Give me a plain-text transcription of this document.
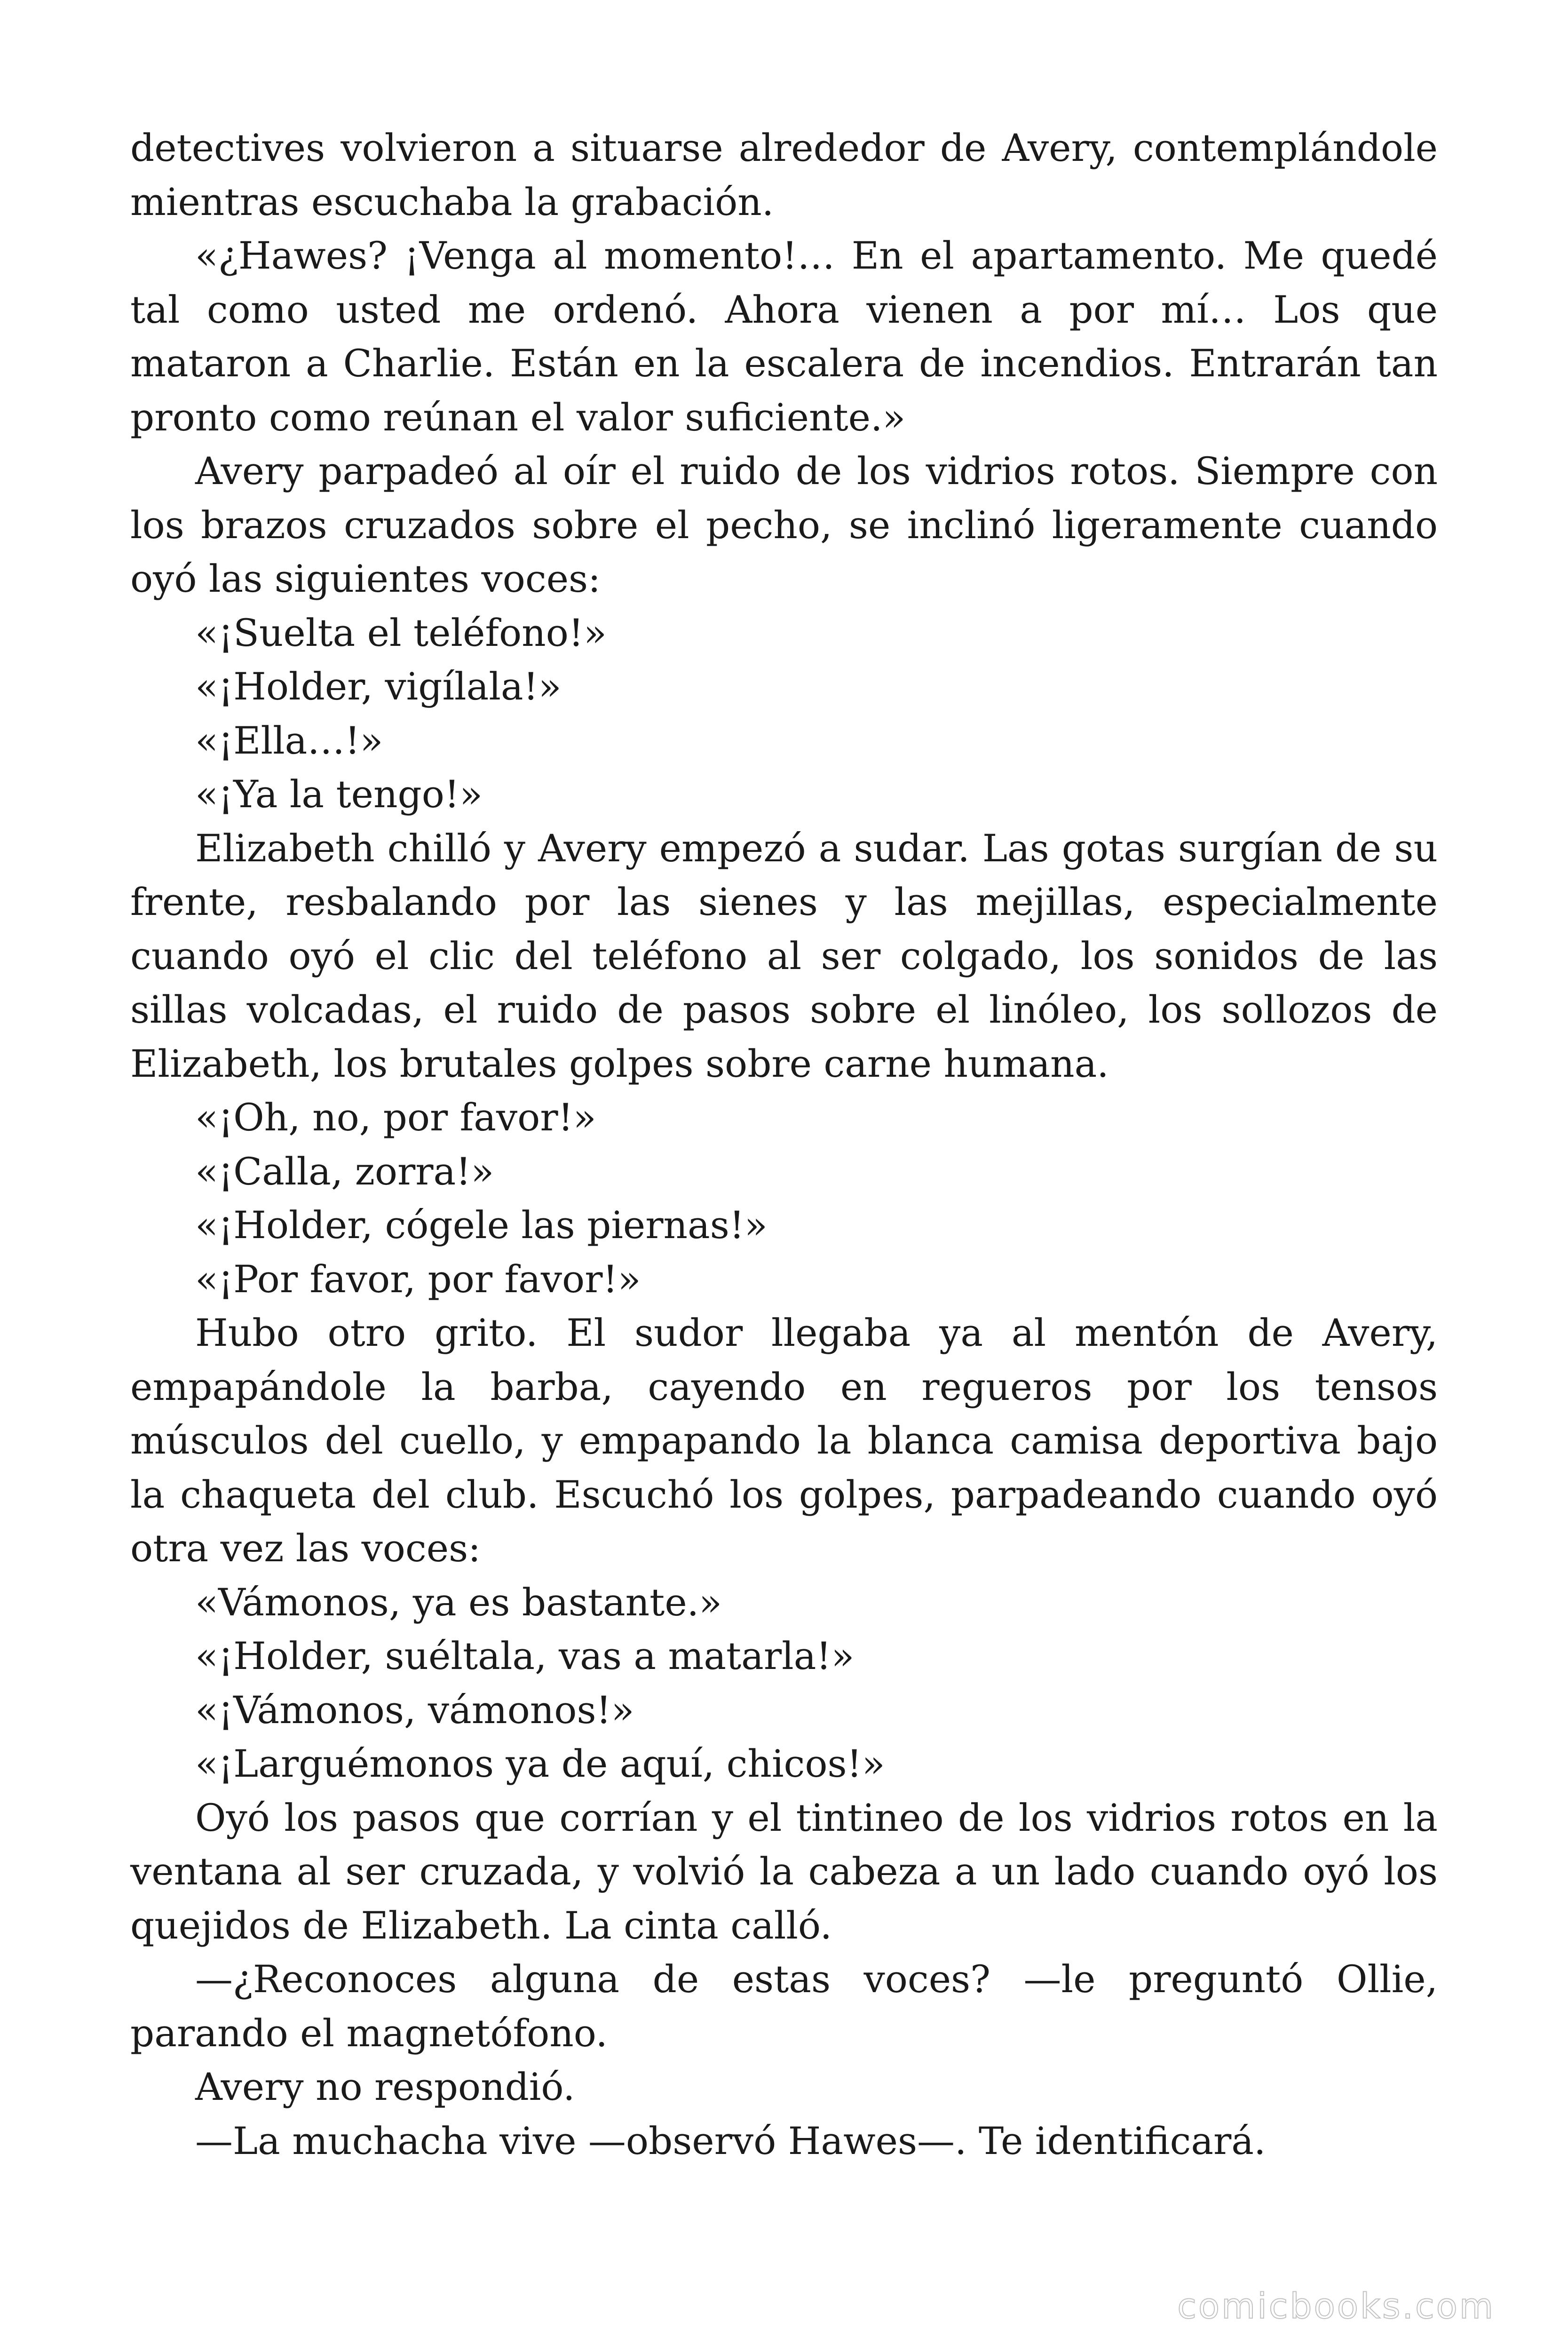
detectives volvieron a situarse alrededor de Avery, contemplándole mientras escuchaba la grabación.

«¿Hawes? ¡Venga al momento!… En el apartamento. Me quedé tal como usted me ordenó. Ahora vienen a por mí… Los que mataron a Charlie. Están en la escalera de incendios. Entrarán tan pronto como reúnan el valor suficiente.»

Avery parpadeó al oír el ruido de los vidrios rotos. Siempre con los brazos cruzados sobre el pecho, se inclinó ligeramente cuando oyó las siguientes voces:

«¡Suelta el teléfono!»

«¡Holder, vigílala!»

«¡Ella…!»

«¡Ya la tengo!»

Elizabeth chilló y Avery empezó a sudar. Las gotas surgían de su frente, resbalando por las sienes y las mejillas, especialmente cuando oyó el clic del teléfono al ser colgado, los sonidos de las sillas volcadas, el ruido de pasos sobre el linóleo, los sollozos de Elizabeth, los brutales golpes sobre carne humana.

«¡Oh, no, por favor!»

«¡Calla, zorra!»

«¡Holder, cógele las piernas!»

«¡Por favor, por favor!»

Hubo otro grito. El sudor llegaba ya al mentón de Avery, empapándole la barba, cayendo en regueros por los tensos músculos del cuello, y empapando la blanca camisa deportiva bajo la chaqueta del club. Escuchó los golpes, parpadeando cuando oyó otra vez las voces:

«Vámonos, ya es bastante.»

«¡Holder, suéltala, vas a matarla!»

«¡Vámonos, vámonos!»

«¡Larguémonos ya de aquí, chicos!»

Oyó los pasos que corrían y el tintineo de los vidrios rotos en la ventana al ser cruzada, y volvió la cabeza a un lado cuando oyó los quejidos de Elizabeth. La cinta calló.

—¿Reconoces alguna de estas voces? —le preguntó Ollie, parando el magnetófono.

Avery no respondió.

—La muchacha vive —observó Hawes—. Te identificará.

comicbooks.com
